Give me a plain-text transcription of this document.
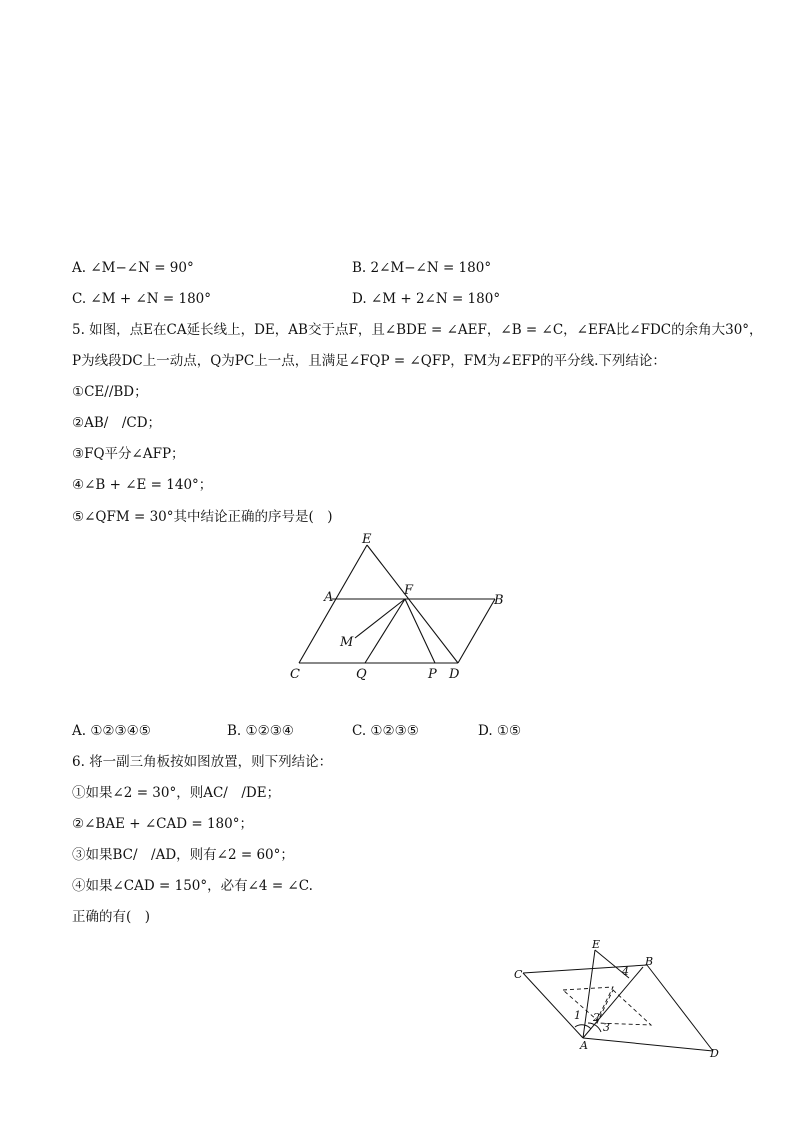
A. ∠M−∠N = 90°	B. 2∠M−∠N = 180°
C. ∠M + ∠N = 180°	D. ∠M + 2∠N = 180°
5. 如图，点E在CA延长线上，DE，AB交于点F，且∠BDE = ∠AEF，∠B = ∠C，∠EFA比∠FDC的余角大30°，
P为线段DC上一动点，Q为PC上一点，且满足∠FQP = ∠QFP，FM为∠EFP的平分线.下列结论：
①CE//BD；
②AB/　/CD；
③FQ平分∠AFP；
④∠B + ∠E = 140°；
⑤∠QFM = 30°其中结论正确的序号是(　)
E
A	F
B
M
C	Q	P D
A. ①②③④⑤	B. ①②③④	C. ①②③⑤	D. ①⑤
6. 将一副三角板按如图放置，则下列结论：
①如果∠2 = 30°，则AC/　/DE；
②∠BAE + ∠CAD = 180°；
③如果BC/　/AD，则有∠2 = 60°；
④如果∠CAD = 150°，必有∠4 = ∠C.
正确的有(　)
E
B
C	4
1 2
3
A
D
